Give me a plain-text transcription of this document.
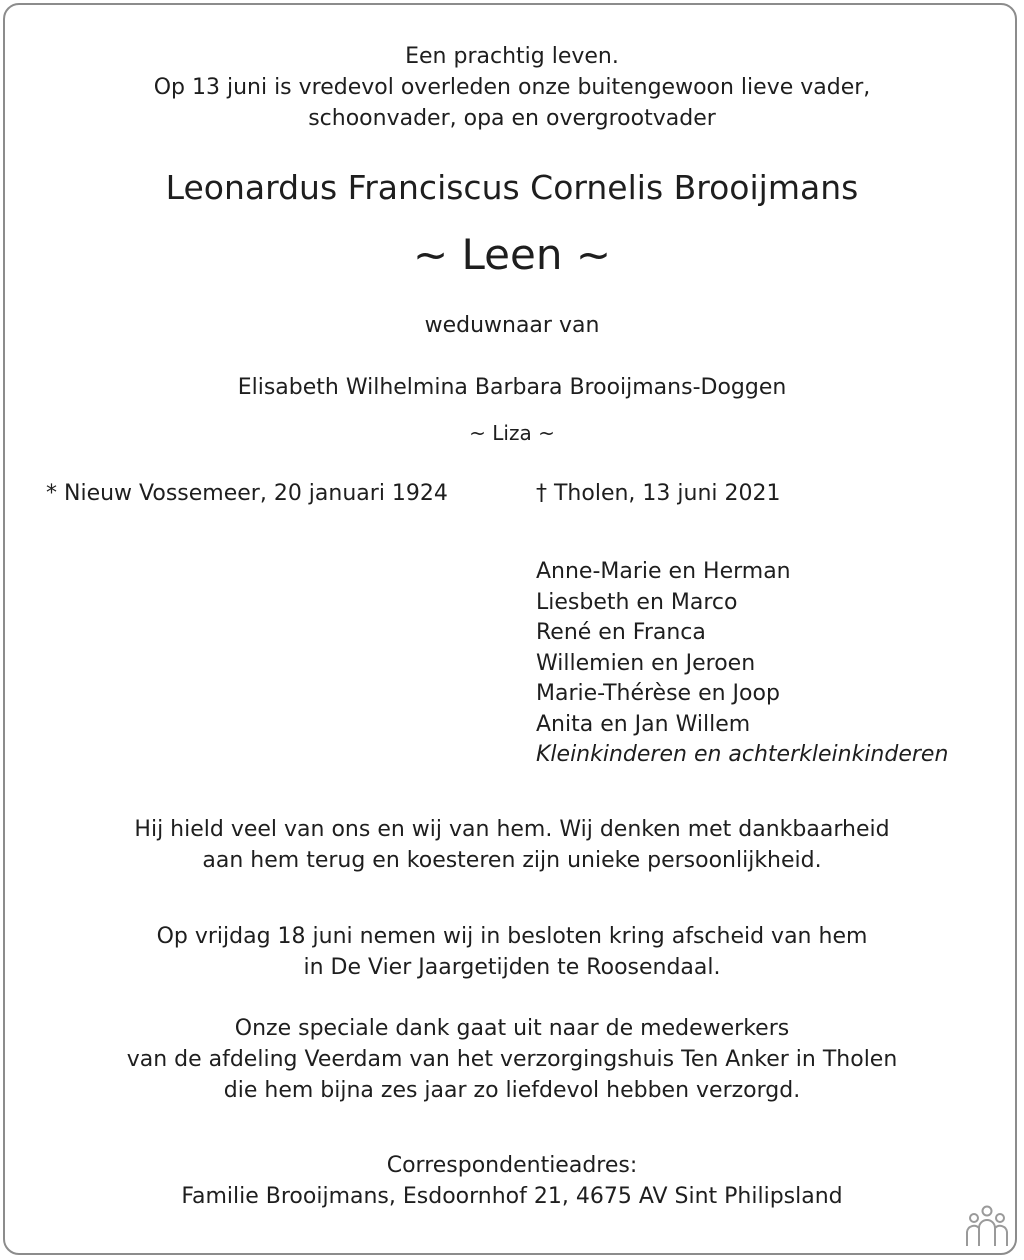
Een prachtig leven.
Op 13 juni is vredevol overleden onze buitengewoon lieve vader,
schoonvader, opa en overgrootvader
Leonardus Franciscus Cornelis Brooijmans
~ Leen ~
weduwnaar van
Elisabeth Wilhelmina Barbara Brooijmans-Doggen
~ Liza ~
* Nieuw Vossemeer, 20 januari 1924	† Tholen, 13 juni 2021
Anne-Marie en Herman
Liesbeth en Marco
René en Franca
Willemien en Jeroen
Marie-Thérèse en Joop
Anita en Jan Willem
Kleinkinderen en achterkleinkinderen
Hij hield veel van ons en wij van hem. Wij denken met dankbaarheid
aan hem terug en koesteren zijn unieke persoonlijkheid.
Op vrijdag 18 juni nemen wij in besloten kring afscheid van hem
in De Vier Jaargetijden te Roosendaal.
Onze speciale dank gaat uit naar de medewerkers
van de afdeling Veerdam van het verzorgingshuis Ten Anker in Tholen
die hem bijna zes jaar zo liefdevol hebben verzorgd.
Correspondentieadres:
Familie Brooijmans, Esdoornhof 21, 4675 AV Sint Philipsland
